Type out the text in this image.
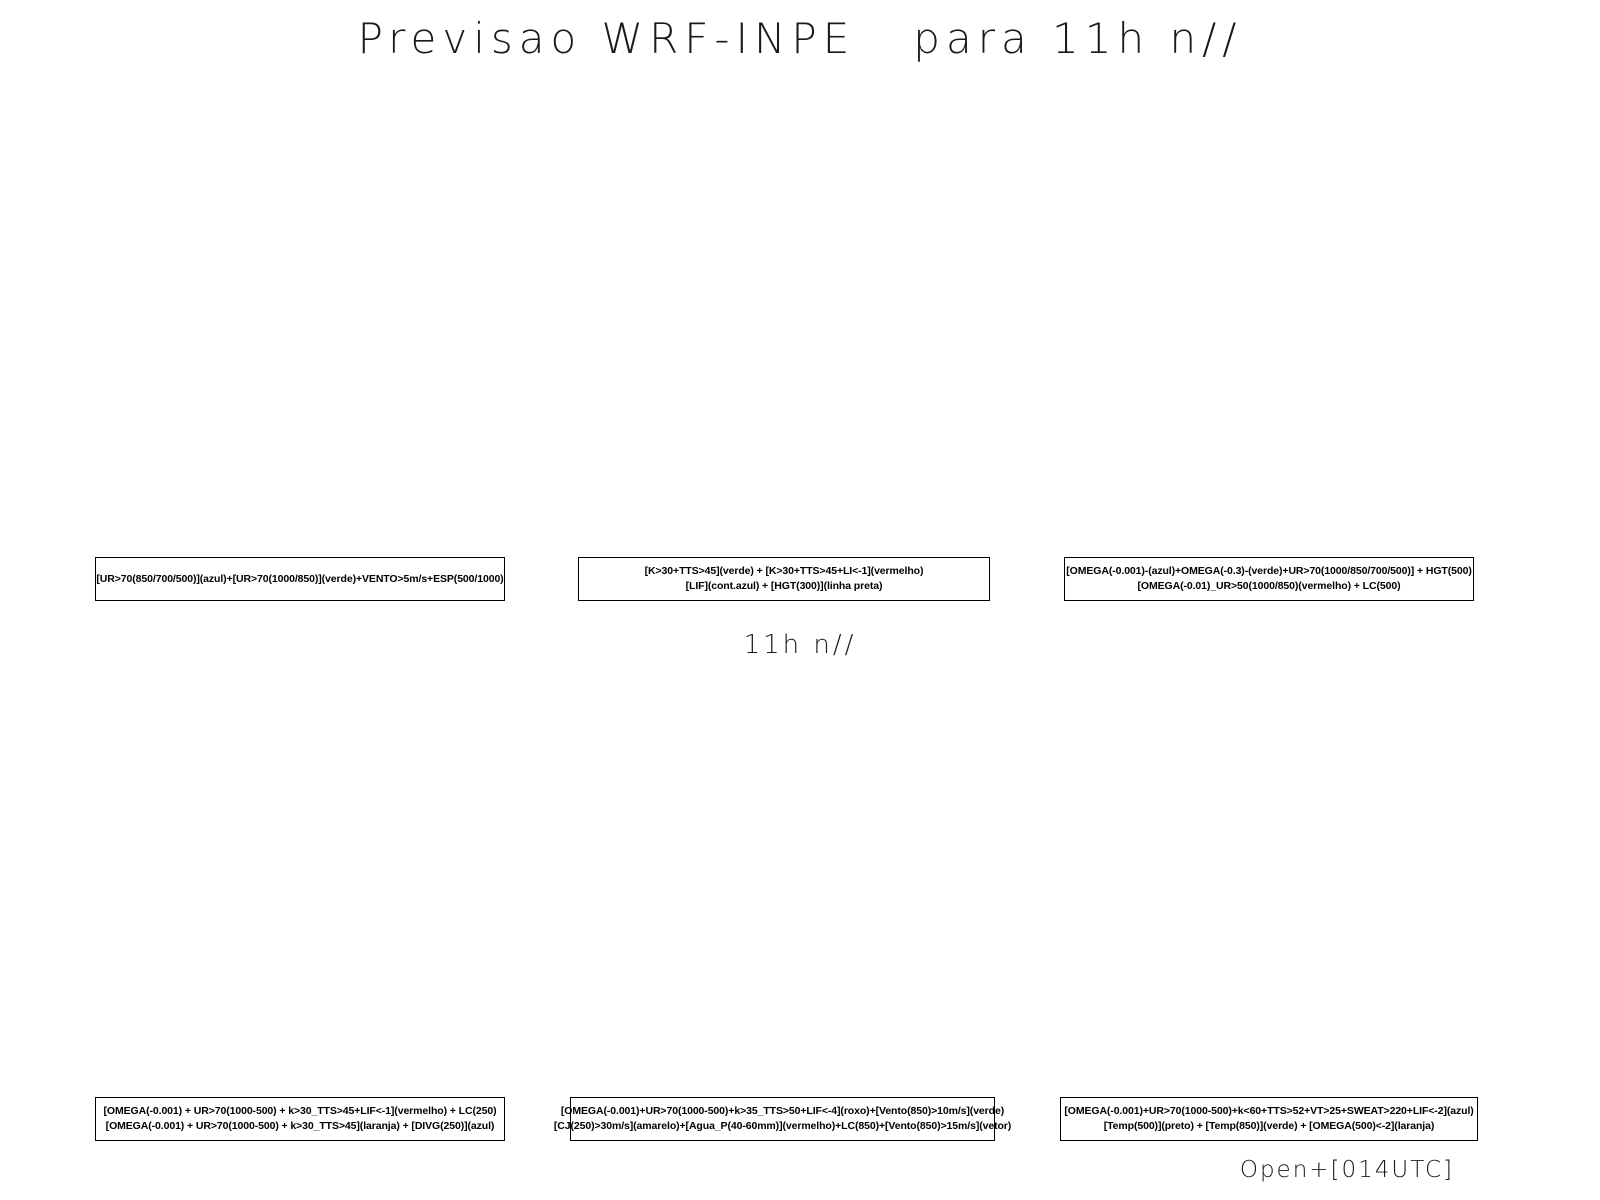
Previsao WRF-INPE   para 11h n//
[UR>70(850/700/500)](azul)+[UR>70(1000/850)](verde)+VENTO>5m/s+ESP(500/1000)
[K>30+TTS>45](verde) + [K>30+TTS>45+LI<-1](vermelho)
[LIF](cont.azul) + [HGT(300)](linha preta)
[OMEGA(-0.001)-(azul)+OMEGA(-0.3)-(verde)+UR>70(1000/850/700/500)] + HGT(500)
[OMEGA(-0.01)_UR>50(1000/850)(vermelho) + LC(500)
11h n//
[OMEGA(-0.001) + UR>70(1000-500) + k>30_TTS>45+LIF<-1](vermelho) + LC(250)
[OMEGA(-0.001) + UR>70(1000-500) + k>30_TTS>45](laranja) + [DIVG(250)](azul)
[OMEGA(-0.001)+UR>70(1000-500)+k>35_TTS>50+LIF<-4](roxo)+[Vento(850)>10m/s](verde)
[CJ(250)>30m/s](amarelo)+[Agua_P(40-60mm)](vermelho)+LC(850)+[Vento(850)>15m/s](vetor)
[OMEGA(-0.001)+UR>70(1000-500)+k<60+TTS>52+VT>25+SWEAT>220+LIF<-2](azul)
[Temp(500)](preto) + [Temp(850)](verde) + [OMEGA(500)<-2](laranja)
Open+[014UTC]
